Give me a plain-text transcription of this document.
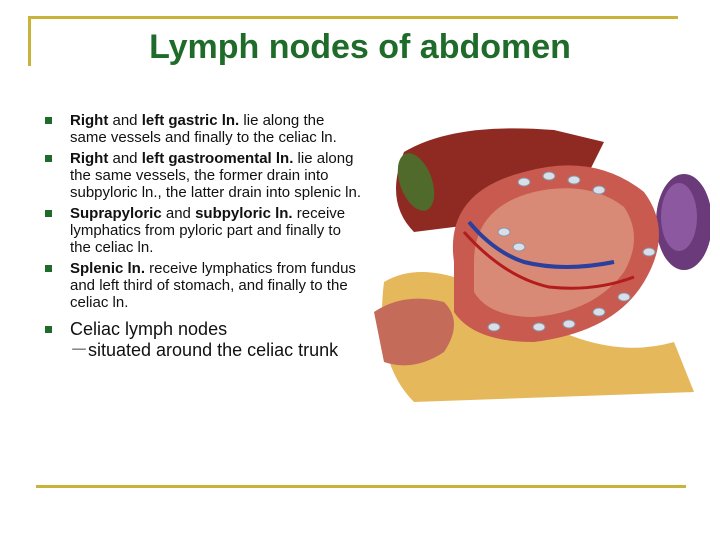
Lymph nodes of abdomen
Right and left gastric ln. lie along the same vessels and finally to the celiac ln.
Right and left gastroomental ln. lie along the same vessels, the former drain into subpyloric ln., the latter drain into splenic ln.
Suprapyloric and subpyloric ln. receive lymphatics from pyloric part and finally to the celiac ln.
Splenic ln. receive lymphatics from fundus and left third of stomach, and finally to the celiac ln.
Celiac lymph nodes
－situated around the celiac trunk
